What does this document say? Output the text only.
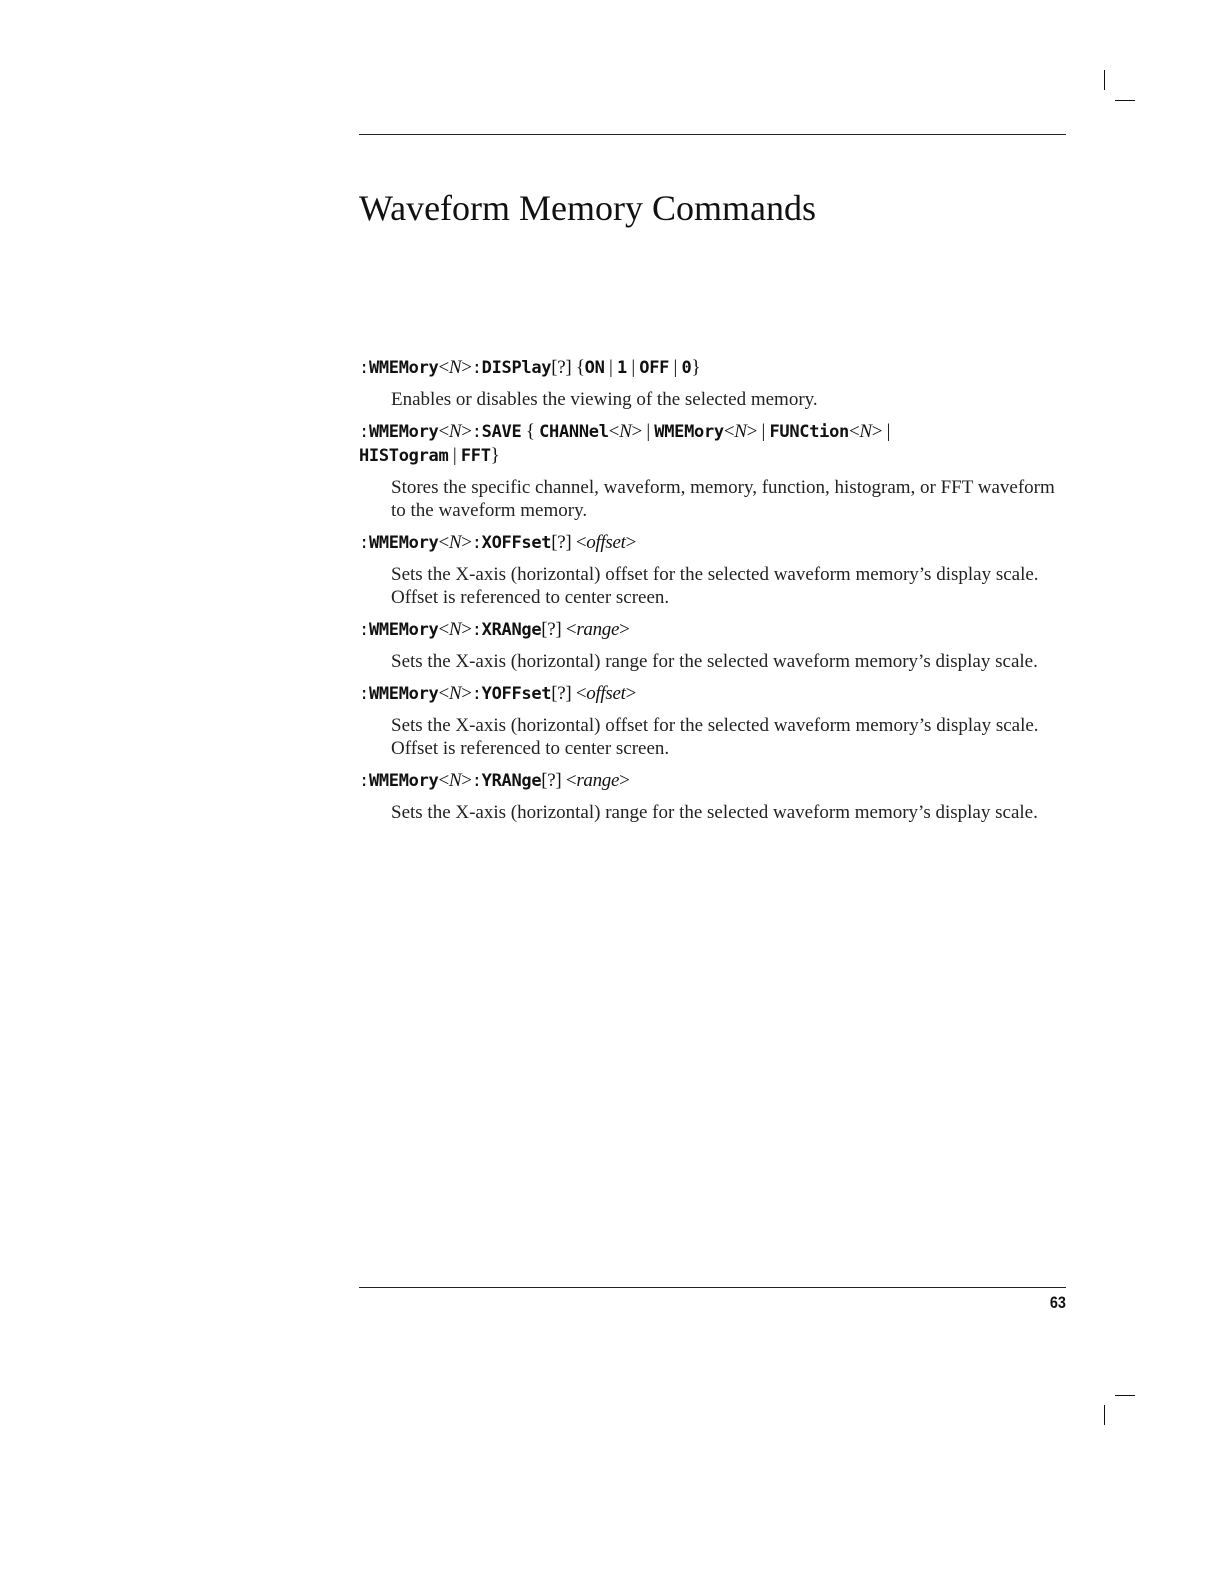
Waveform Memory Commands
:WMEMory<N>:DISPlay[?] {ON | 1 | OFF | 0}

Enables or disables the viewing of the selected memory.

:WMEMory<N>:SAVE { CHANNel<N> | WMEMory<N> | FUNCtion<N> |
HISTogram | FFT}

Stores the specific channel, waveform, memory, function, histogram, or FFT waveform to the waveform memory.

:WMEMory<N>:XOFFset[?] <offset>

Sets the X-axis (horizontal) offset for the selected waveform memory’s display scale. Offset is referenced to center screen.

:WMEMory<N>:XRANge[?] <range>

Sets the X-axis (horizontal) range for the selected waveform memory’s display scale.

:WMEMory<N>:YOFFset[?] <offset>

Sets the X-axis (horizontal) offset for the selected waveform memory’s display scale. Offset is referenced to center screen.

:WMEMory<N>:YRANge[?] <range>

Sets the X-axis (horizontal) range for the selected waveform memory’s display scale.

63
